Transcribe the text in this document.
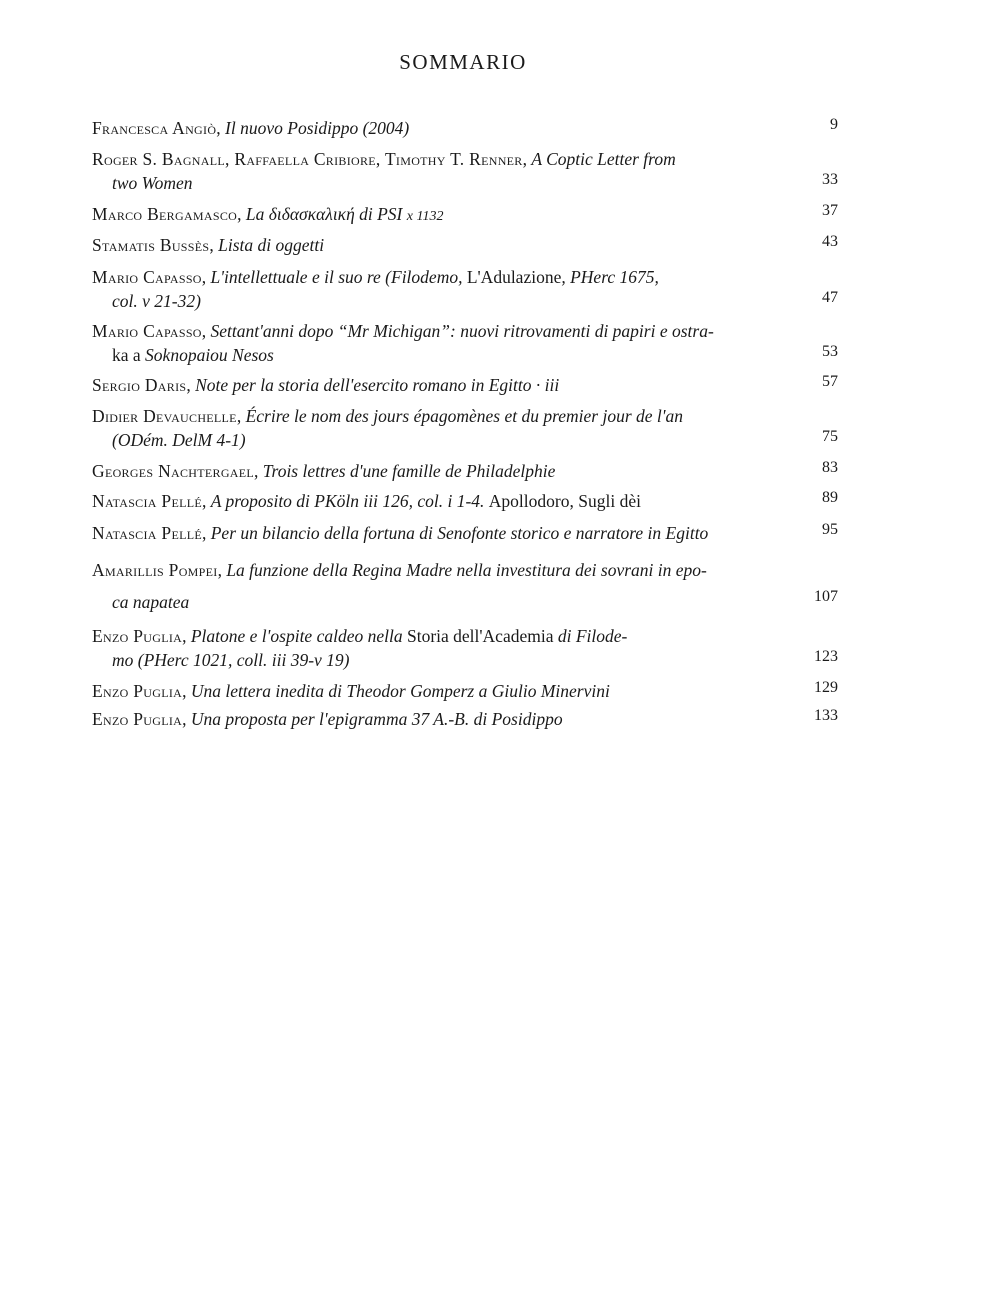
SOMMARIO
Francesca Angiò, Il nuovo Posidippo (2004)	9
Roger S. Bagnall, Raffaella Cribiore, Timothy T. Renner, A Coptic Letter from
two Women	33
Marco Bergamasco, La διδασκαλική di PSI x 1132	37
Stamatis Bussès, Lista di oggetti	43
Mario Capasso, L'intellettuale e il suo re (Filodemo, L'Adulazione, PHerc 1675,
col. v 21-32)	47
Mario Capasso, Settant'anni dopo “Mr Michigan”: nuovi ritrovamenti di papiri e ostra-
ka a Soknopaiou Nesos	53
Sergio Daris, Note per la storia dell'esercito romano in Egitto · iii	57
Didier Devauchelle, Écrire le nom des jours épagomènes et du premier jour de l'an
(ODém. DelM 4-1)	75
Georges Nachtergael, Trois lettres d'une famille de Philadelphie	83
Natascia Pellé, A proposito di PKöln iii 126, col. i 1-4. Apollodoro, Sugli dèi	89
Natascia Pellé, Per un bilancio della fortuna di Senofonte storico e narratore in Egitto	95
Amarillis Pompei, La funzione della Regina Madre nella investitura dei sovrani in epo-
ca napatea	107
Enzo Puglia, Platone e l'ospite caldeo nella Storia dell'Academia di Filode-
mo (PHerc 1021, coll. iii 39-v 19)	123
Enzo Puglia, Una lettera inedita di Theodor Gomperz a Giulio Minervini	129
Enzo Puglia, Una proposta per l'epigramma 37 A.-B. di Posidippo	133
